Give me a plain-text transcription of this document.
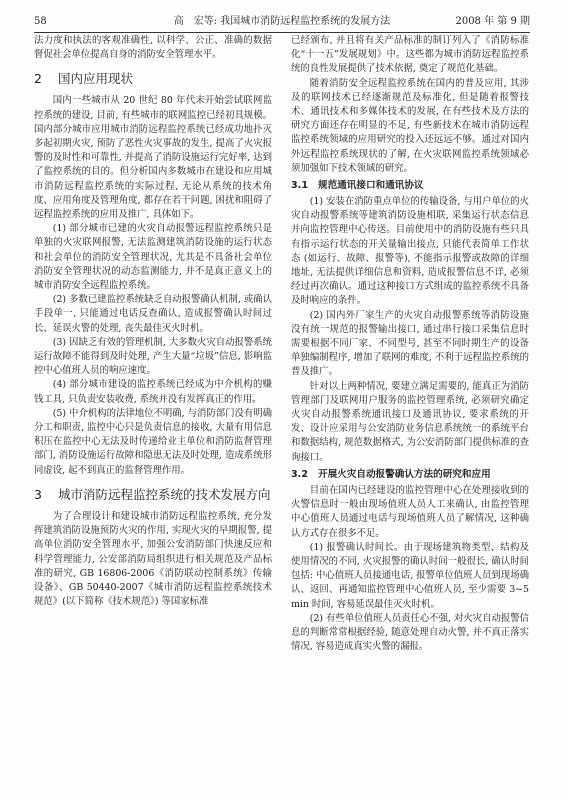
58	高　宏等: 我国城市消防远程监控系统的发展方法	2008 年 第 9 期

法力度和执法的客观准确性, 以科学、公正、准确的数据督促社会单位提高自身的消防安全管理水平。

2	国内应用现状

国内一些城市从 20 世纪 80 年代末开始尝试联网监控系统的建设, 目前, 有些城市的联网监控已经初具规模。国内部分城市应用城市消防远程监控系统已经成功地扑灭多起初期火灾, 预防了恶性火灾事故的发生, 提高了火灾报警的及时性和可靠性, 并提高了消防设施运行完好率, 达到了监控系统的目的。但分析国内多数城市在建设和应用城市消防远程监控系统的实际过程, 无论从系统的技术角度、应用角度及管理角度, 都存在若干问题, 困扰和阻碍了远程监控系统的应用及推广, 具体如下。

(1) 部分城市已建的火灾自动报警远程监控系统只是单独的火灾联网报警, 无法监测建筑消防设施的运行状态和社会单位的消防安全管理状况, 尤其是不具备社会单位消防安全管理状况的动态监测能力, 并不是真正意义上的城市消防安全远程监控系统。

(2) 多数已建监控系统缺乏自动报警确认机制, 或确认手段单一, 只能通过电话反查确认, 造成报警确认时间过长、延误火警的处理, 丧失最佳灭火时机。

(3) 因缺乏有效的管理机制, 大多数火灾自动报警系统运行故障不能得到及时处理, 产生大量“垃圾”信息, 影响监控中心值班人员的响应速度。

(4) 部分城市建设的监控系统已经成为中介机构的赚钱工具, 只负责安装收费, 系统并没有发挥真正的作用。

(5) 中介机构的法律地位不明确, 与消防部门没有明确分工和职责, 监控中心只是负责信息的接收, 大量有用信息积压在监控中心无法及时传递给业主单位和消防监督管理部门, 消防设施运行故障和隐患无法及时处理, 造成系统形同虚设, 起不到真正的监督管理作用。

3	城市消防远程监控系统的技术发展方向

为了合理设计和建设城市消防远程监控系统, 充分发挥建筑消防设施预防火灾的作用, 实现火灾的早期报警, 提高单位消防安全管理水平, 加强公安消防部门快速反应和科学管理能力, 公安部消防局组织进行相关规范及产品标准的研究, GB 16806-2006《消防联动控制系统》传输设备》、GB 50440-2007《城市消防远程监控系统技术规范》(以下简称《技术规范》) 等国家标准

已经颁布, 并且将有关产品标准的制订列入了《消防标准化“十一五”发展规划》中。这些都为城市消防远程监控系统的良性发展提供了技术依据, 奠定了规范化基础。

随着消防安全远程监控系统在国内的普及应用, 其涉及的联网技术已经逐渐规范及标准化, 但是随着报警技术、通讯技术和多媒体技术的发展, 在有些技术及方法的研究方面还存在明显的不足, 有些新技术在城市消防远程监控系统领域的应用研究的投入还远远不够。通过对国内外远程监控系统现状的了解, 在火灾联网监控系统领域必须加强如下技术领域的研究。

3.1 规范通讯接口和通讯协议

(1) 安装在消防重点单位的传输设备, 与用户单位的火灾自动报警系统等建筑消防设施相联, 采集运行状态信息并向监控管理中心传送。目前使用中的消防设施有些只具有指示运行状态的开关量输出接点, 只能代表简单工作状态 (如运行、故障、报警等), 不能指示报警或故障的详细地址, 无法提供详细信息和资料, 造成报警信息不详, 必须经过再次确认。通过这种接口方式组成的监控系统不具备及时响应的条件。

(2) 国内外厂家生产的火灾自动报警系统等消防设施没有统一规范的报警输出接口, 通过串行接口采集信息时需要根据不同厂家、不同型号, 甚至不同时期生产的设备单独编制程序, 增加了联网的难度, 不利于远程监控系统的普及推广。

针对以上两种情况, 要建立满足需要的, 能真正为消防管理部门及联网用户服务的监控管理系统, 必须研究确定火灾自动报警系统通讯接口及通讯协议, 要求系统的开发、设计应采用与公安消防业务信息系统统一的系统平台和数据结构, 规范数据格式, 为公安消防部门提供标准的查询接口。

3.2 开展火灾自动报警确认方法的研究和应用

目前在国内已经建设的监控管理中心在处理接收到的火警信息时一般由现场值班人员人工来确认, 由监控管理中心值班人员通过电话与现场值班人员了解情况, 这种确认方式存在很多不足。

(1) 报警确认时间长。由于现场建筑物类型、结构及使用情况的不同, 火灾报警的确认时间一般很长, 确认时间包括: 中心值班人员接通电话, 报警单位值班人员到现场确认、返回、再通知监控管理中心值班人员, 至少需要 3~5 min 时间, 容易延误最佳灭火时机。

(2) 有些单位值班人员责任心不强, 对火灾自动报警信息的判断常常根据经验, 随意处理自动火警, 并不真正落实情况, 容易造成真实火警的漏报。
